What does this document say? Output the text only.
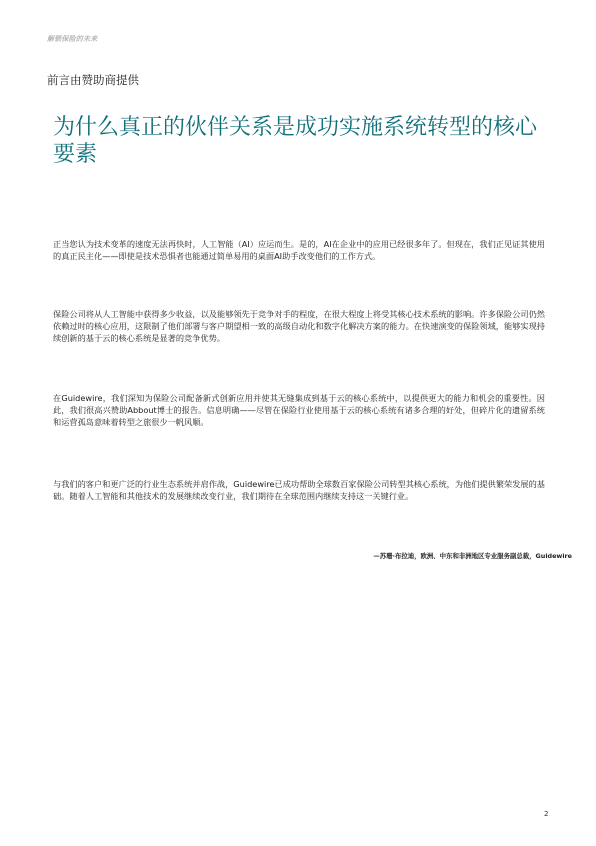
解锁保险的未来
前言由赞助商提供
为什么真正的伙伴关系是成功实施系统转型的核心要素

正当您认为技术变革的速度无法再快时，人工智能（AI）应运而生。是的，AI在企业中的应用已经很多年了。但现在，我们正见证其使用的真正民主化——即使是技术恐惧者也能通过简单易用的桌面AI助手改变他们的工作方式。

保险公司将从人工智能中获得多少收益，以及能够领先于竞争对手的程度，在很大程度上将受其核心技术系统的影响。许多保险公司仍然依赖过时的核心应用，这限制了他们部署与客户期望相一致的高级自动化和数字化解决方案的能力。在快速演变的保险领域，能够实现持续创新的基于云的核心系统是显著的竞争优势。

在Guidewire，我们深知为保险公司配备新式创新应用并使其无缝集成到基于云的核心系统中，以提供更大的能力和机会的重要性。因此，我们很高兴赞助Abbout博士的报告。信息明确——尽管在保险行业使用基于云的核心系统有诸多合理的好处，但碎片化的遗留系统和运营孤岛意味着转型之旅很少一帆风顺。

与我们的客户和更广泛的行业生态系统并肩作战，Guidewire已成功帮助全球数百家保险公司转型其核心系统，为他们提供繁荣发展的基础。随着人工智能和其他技术的发展继续改变行业，我们期待在全球范围内继续支持这一关键行业。

—苏珊·布拉迪，欧洲、中东和非洲地区专业服务副总裁，Guidewire
2
